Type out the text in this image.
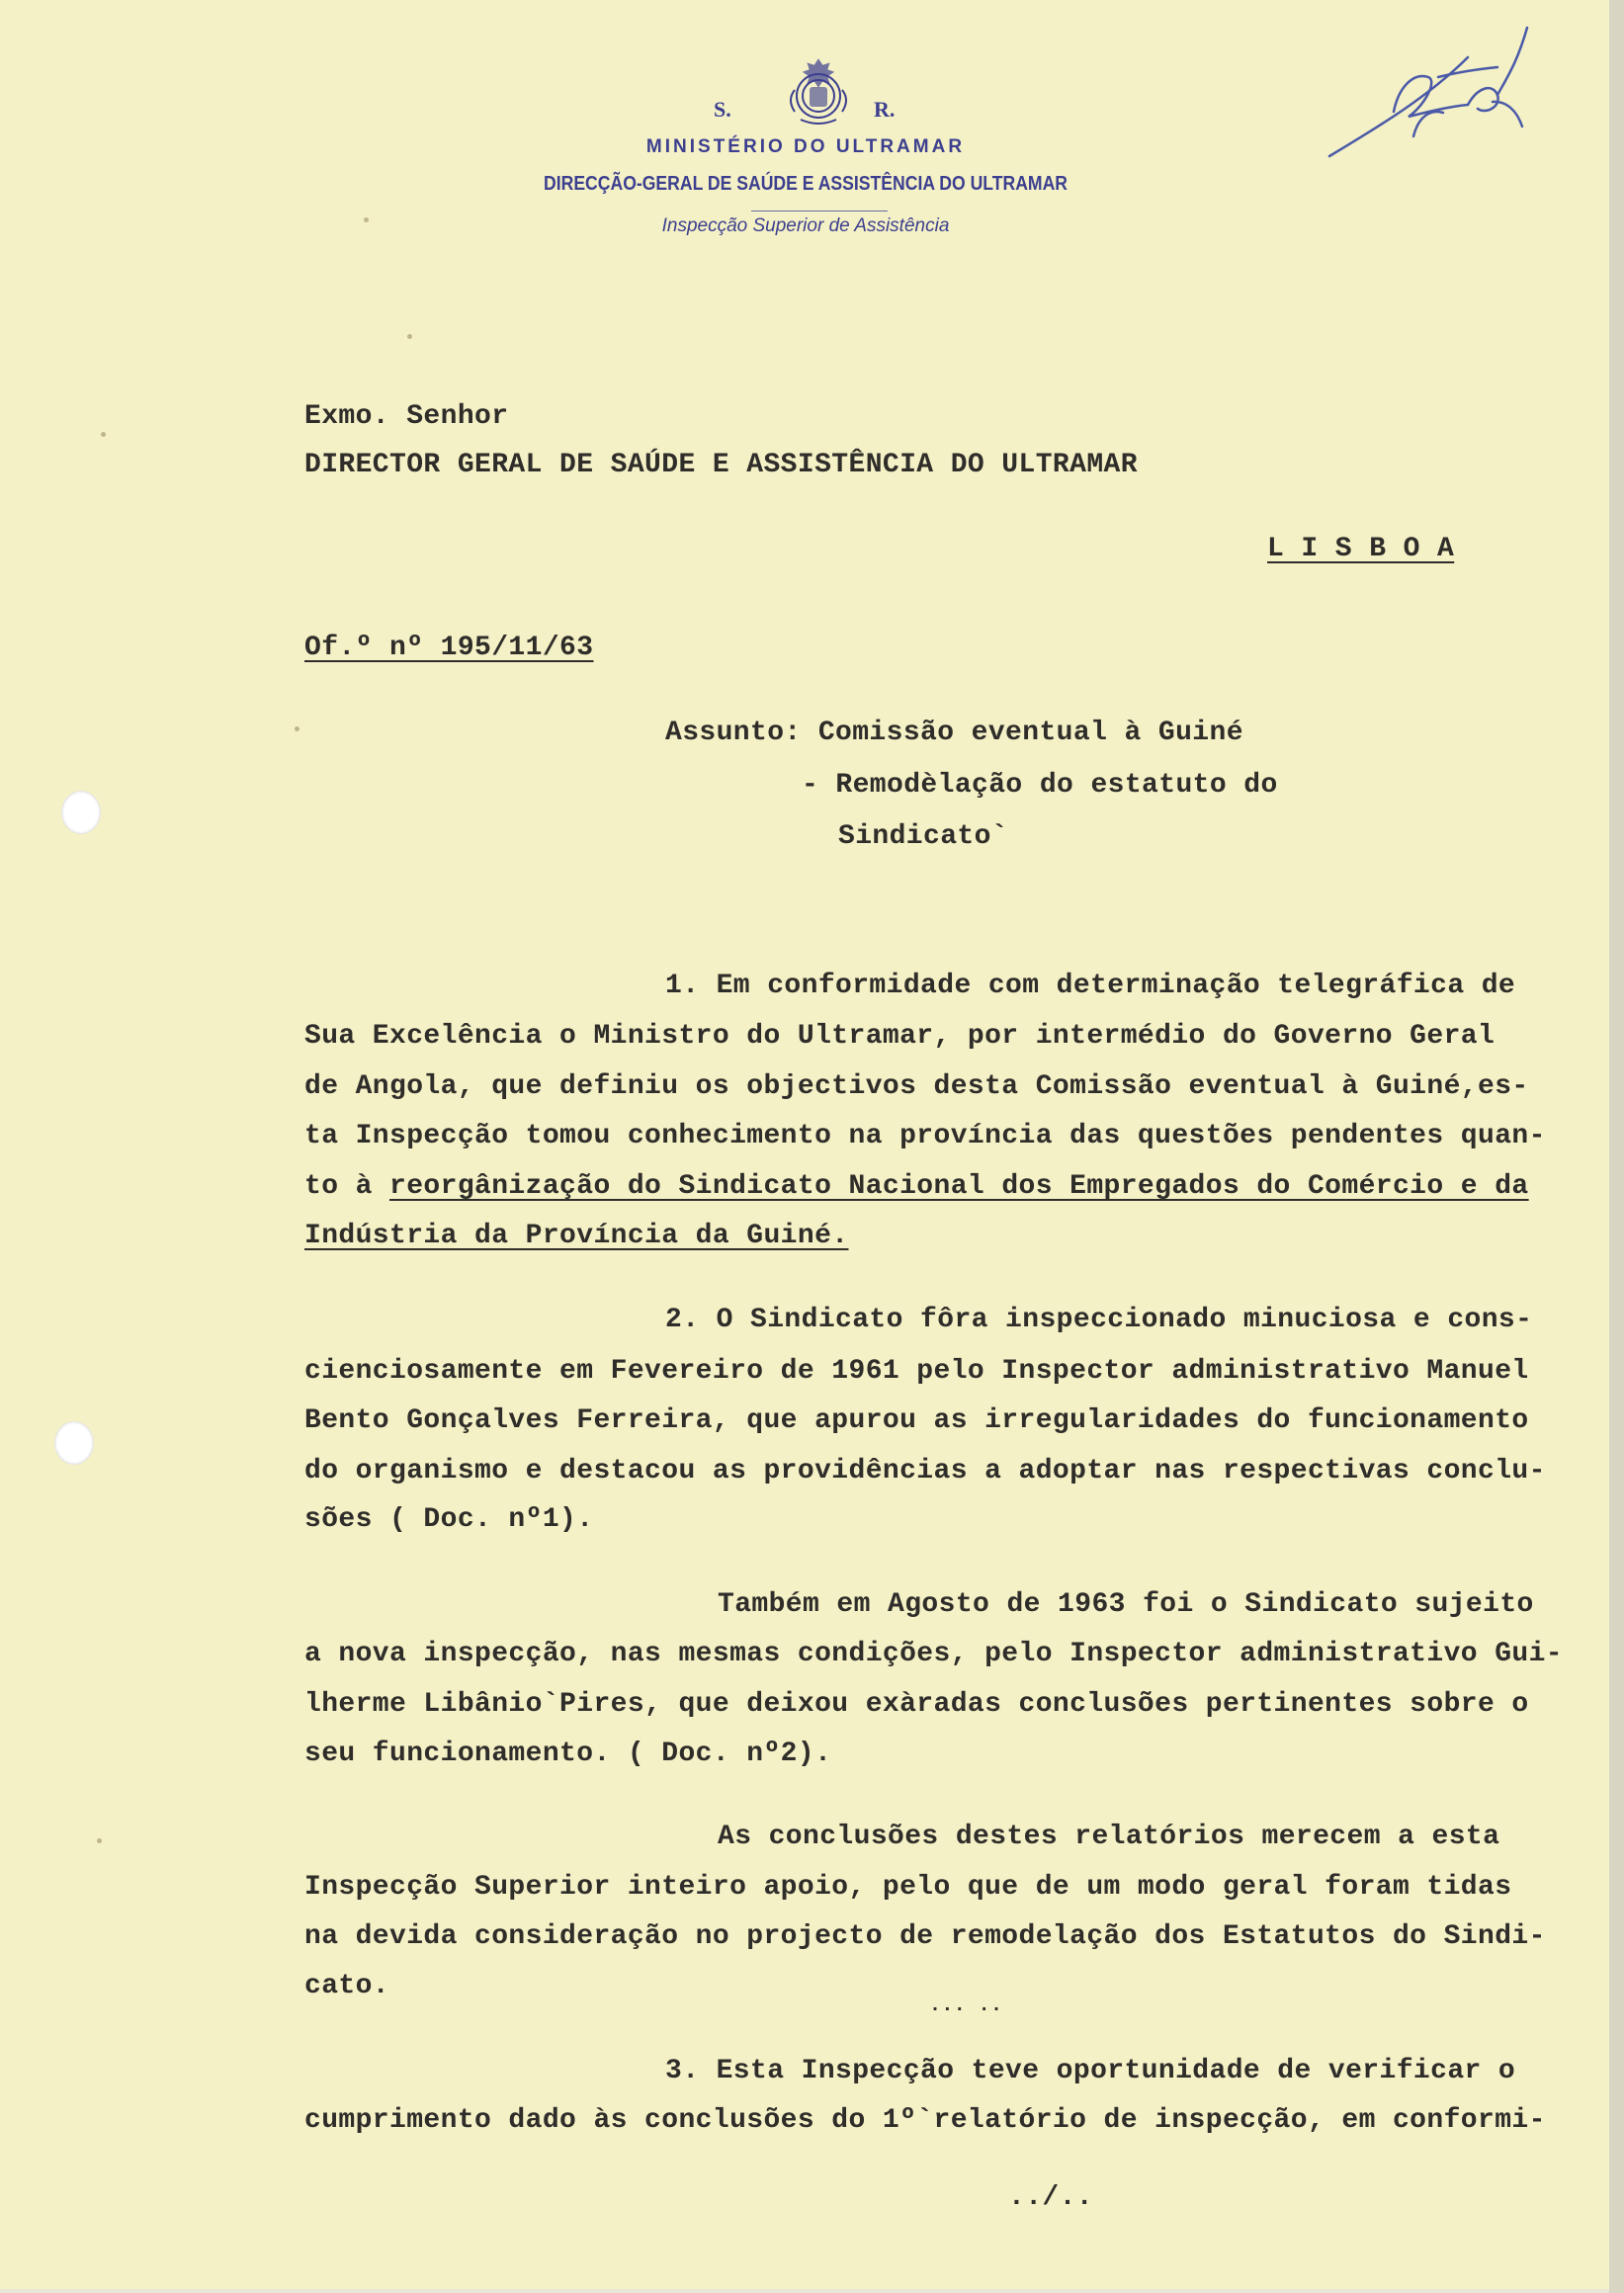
S.	R.
MINISTÉRIO DO ULTRAMAR
DIRECÇÃO-GERAL DE SAÚDE E ASSISTÊNCIA DO ULTRAMAR
Inspecção Superior de Assistência
Exmo. Senhor
DIRECTOR GERAL DE SAÚDE E ASSISTÊNCIA DO ULTRAMAR
L I S B O A
Of.º nº 195/11/63
Assunto: Comissão eventual à Guiné
- Remodèlação do estatuto do
Sindicato`
1. Em conformidade com determinação telegráfica de
Sua Excelência o Ministro do Ultramar, por intermédio do Governo Geral
de Angola, que definiu os objectivos desta Comissão eventual à Guiné,es-
ta Inspecção tomou conhecimento na província das questões pendentes quan-
to à reorgânização do Sindicato Nacional dos Empregados do Comércio e da
Indústria da Província da Guiné.
2. O Sindicato fôra inspeccionado minuciosa e cons-
cienciosamente em Fevereiro de 1961 pelo Inspector administrativo Manuel
Bento Gonçalves Ferreira, que apurou as irregularidades do funcionamento
do organismo e destacou as providências a adoptar nas respectivas conclu-
sões ( Doc. nº1).
Também em Agosto de 1963 foi o Sindicato sujeito
a nova inspecção, nas mesmas condições, pelo Inspector administrativo Gui-
lherme Libânio`Pires, que deixou exàradas conclusões pertinentes sobre o
seu funcionamento. ( Doc. nº2).
As conclusões destes relatórios merecem a esta
Inspecção Superior inteiro apoio, pelo que de um modo geral foram tidas
na devida consideração no projecto de remodelação dos Estatutos do Sindi-
cato.
... ..
3. Esta Inspecção teve oportunidade de verificar o
cumprimento dado às conclusões do 1º`relatório de inspecção, em conformi-
../..
